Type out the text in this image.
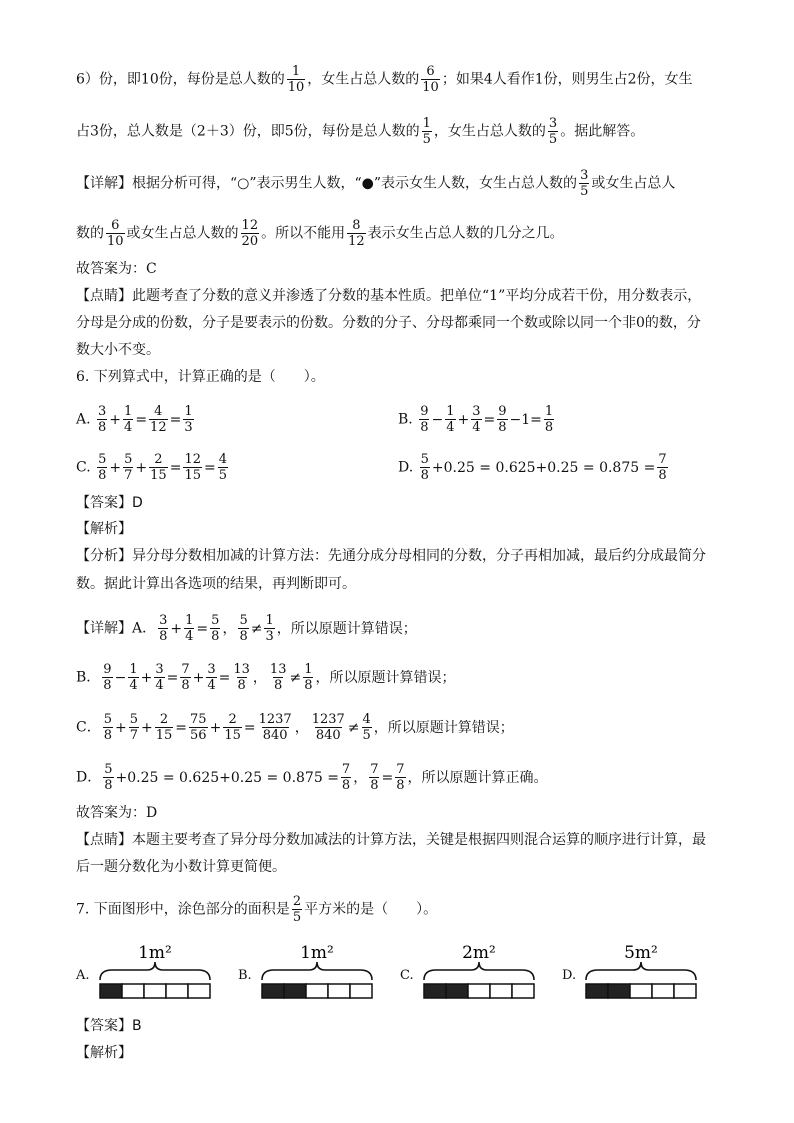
6）份，即10份，每份是总人数的 $\frac{1}{10}$ ，女生占总人数的 $\frac{6}{10}$ ；如果4人看作1份，则男生占2份，女生
占3份，总人数是（2＋3）份，即5份，每份是总人数的 $\frac{1}{5}$ ，女生占总人数的 $\frac{3}{5}$ 。据此解答。
【详解】根据分析可得，“○”表示男生人数，“●”表示女生人数，女生占总人数的 $\frac{3}{5}$ 或女生占总人
数的 $\frac{6}{10}$ 或女生占总人数的 $\frac{12}{20}$ 。所以不能用 $\frac{8}{12}$ 表示女生占总人数的几分之几。
故答案为：C
【点睛】此题考查了分数的意义并渗透了分数的基本性质。把单位“1”平均分成若干份，用分数表示，
分母是分成的份数，分子是要表示的份数。分数的分子、分母都乘同一个数或除以同一个非0的数，分
数大小不变。
6. 下列算式中，计算正确的是（　　）。
A. $\frac{3}{8} + \frac{1}{4} = \frac{4}{12} = \frac{1}{3}$	B. $\frac{9}{8} - \frac{1}{4} + \frac{3}{4} = \frac{9}{8} -1= \frac{1}{8}$
C. $\frac{5}{8} + \frac{5}{7} + \frac{2}{15} = \frac{12}{15} = \frac{4}{5}$	D. $\frac{5}{8} +0.25 = 0.625+0.25 = 0.875 = \frac{7}{8}$
【答案】D
【解析】
【分析】异分母分数相加减的计算方法：先通分成分母相同的分数，分子再相加减，最后约分成最简分
数。据此计算出各选项的结果，再判断即可。
【详解】A． $\frac{3}{8} + \frac{1}{4} = \frac{5}{8}$ ， $\frac{5}{8} \ne \frac{1}{3}$ ，所以原题计算错误；
B． $\frac{9}{8} - \frac{1}{4} + \frac{3}{4} = \frac{7}{8} + \frac{3}{4} = \frac{13}{8}$ ， $\frac{13}{8} \ne \frac{1}{8}$ ，所以原题计算错误；
C． $\frac{5}{8} + \frac{5}{7} + \frac{2}{15} = \frac{75}{56} + \frac{2}{15} = \frac{1237}{840}$ ， $\frac{1237}{840} \ne \frac{4}{5}$ ，所以原题计算错误；
D． $\frac{5}{8} +0.25 = 0.625+0.25 = 0.875 = \frac{7}{8}$ ， $\frac{7}{8} = \frac{7}{8}$ ，所以原题计算正确。
故答案为：D
【点睛】本题主要考查了异分母分数加减法的计算方法，关键是根据四则混合运算的顺序进行计算，最
后一题分数化为小数计算更简便。
7. 下面图形中，涂色部分的面积是 $\frac{2}{5}$ 平方米的是（　　）。
A.
1m²
B.
1m²
C.
2m²
D.
5m²
【答案】B
【解析】
